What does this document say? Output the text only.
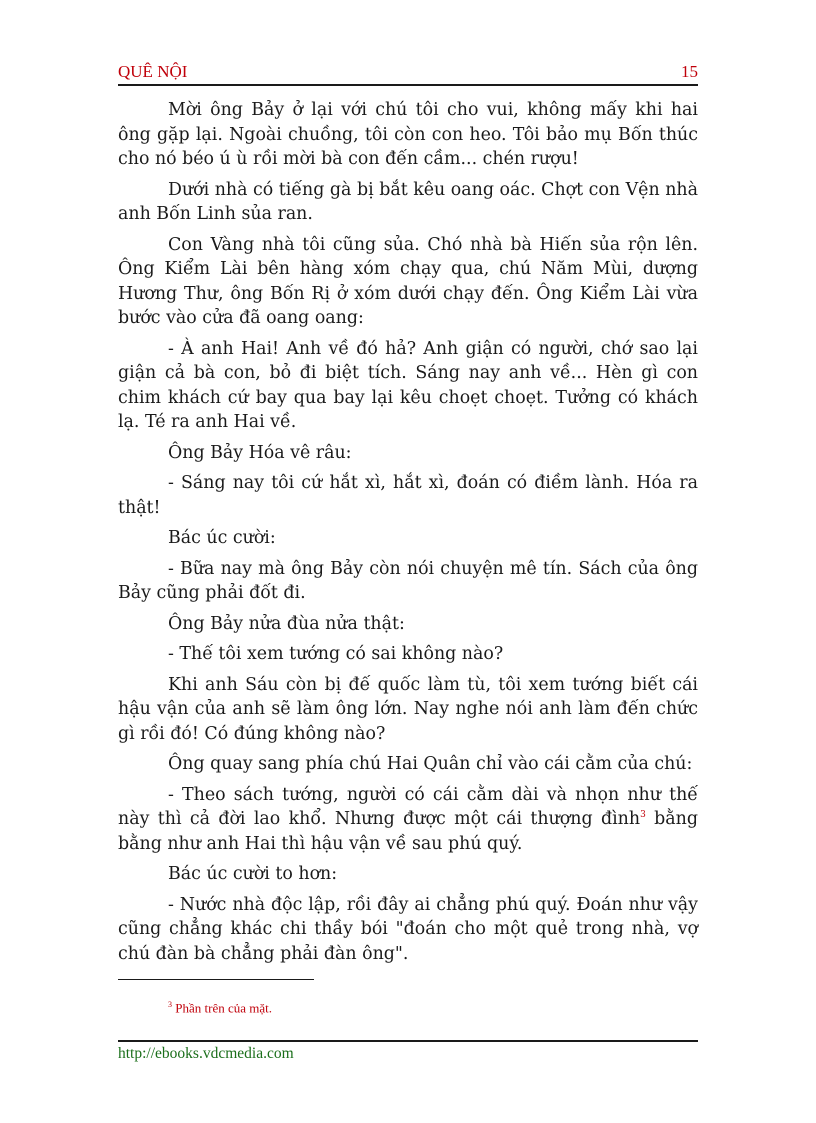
QUÊ NỘI	15

Mời ông Bảy ở lại với chú tôi cho vui, không mấy khi hai ông gặp lại. Ngoài chuồng, tôi còn con heo. Tôi bảo mụ Bốn thúc cho nó béo ú ù rồi mời bà con đến cầm... chén rượu!

Dưới nhà có tiếng gà bị bắt kêu oang oác. Chợt con Vện nhà anh Bốn Linh sủa ran.

Con Vàng nhà tôi cũng sủa. Chó nhà bà Hiến sủa rộn lên. Ông Kiểm Lài bên hàng xóm chạy qua, chú Năm Mùi, dượng Hương Thư, ông Bốn Rị ở xóm dưới chạy đến. Ông Kiểm Lài vừa bước vào cửa đã oang oang:

- À anh Hai! Anh về đó hả? Anh giận có người, chớ sao lại giận cả bà con, bỏ đi biệt tích. Sáng nay anh về... Hèn gì con chim khách cứ bay qua bay lại kêu choẹt choẹt. Tưởng có khách lạ. Té ra anh Hai về.

Ông Bảy Hóa vê râu:

- Sáng nay tôi cứ hắt xì, hắt xì, đoán có điềm lành. Hóa ra thật!

Bác úc cười:

- Bữa nay mà ông Bảy còn nói chuyện mê tín. Sách của ông Bảy cũng phải đốt đi.

Ông Bảy nửa đùa nửa thật:

- Thế tôi xem tướng có sai không nào?

Khi anh Sáu còn bị đế quốc làm tù, tôi xem tướng biết cái hậu vận của anh sẽ làm ông lớn. Nay nghe nói anh làm đến chức gì rồi đó! Có đúng không nào?

Ông quay sang phía chú Hai Quân chỉ vào cái cằm của chú:

- Theo sách tướng, người có cái cằm dài và nhọn như thế này thì cả đời lao khổ. Nhưng được một cái thượng đình$^3$ bằng bằng như anh Hai thì hậu vận về sau phú quý.

Bác úc cười to hơn:

- Nước nhà độc lập, rồi đây ai chẳng phú quý. Đoán như vậy cũng chẳng khác chi thầy bói "đoán cho một quẻ trong nhà, vợ chú đàn bà chẳng phải đàn ông".

$^3$ Phần trên của mặt.
http://ebooks.vdcmedia.com
